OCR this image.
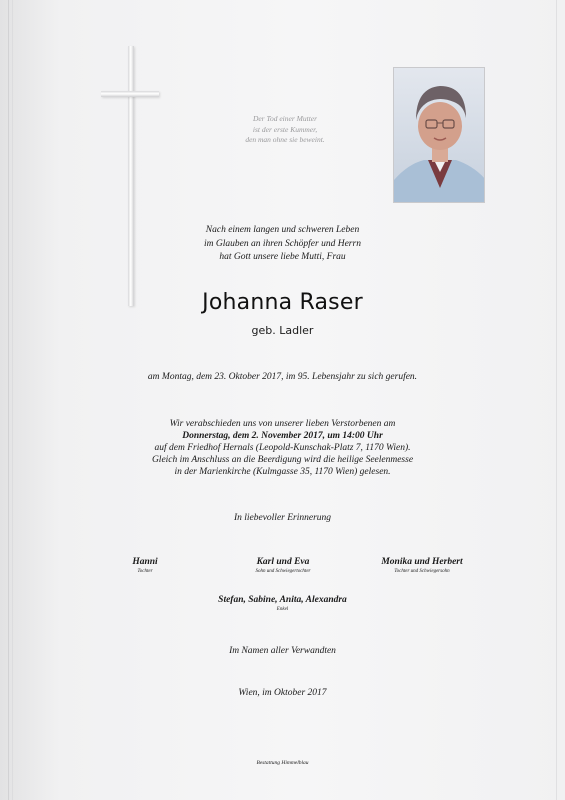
Der Tod einer Mutter
ist der erste Kummer,
den man ohne sie beweint.
Nach einem langen und schweren Leben
im Glauben an ihren Schöpfer und Herrn
hat Gott unsere liebe Mutti, Frau
Johanna Raser
geb. Ladler
am Montag, dem 23. Oktober 2017, im 95. Lebensjahr zu sich gerufen.
Wir verabschieden uns von unserer lieben Verstorbenen am
Donnerstag, dem 2. November 2017, um 14:00 Uhr
auf dem Friedhof Hernals (Leopold-Kunschak-Platz 7, 1170 Wien).
Gleich im Anschluss an die Beerdigung wird die heilige Seelenmesse
in der Marienkirche (Kulmgasse 35, 1170 Wien) gelesen.
In liebevoller Erinnerung
Hanni
Tochter
Karl und Eva
Sohn und Schwiegertochter
Monika und Herbert
Tochter und Schwiegersohn
Stefan, Sabine, Anita, Alexandra
Enkel
Im Namen aller Verwandten
Wien, im Oktober 2017
Bestattung Himmelblau
